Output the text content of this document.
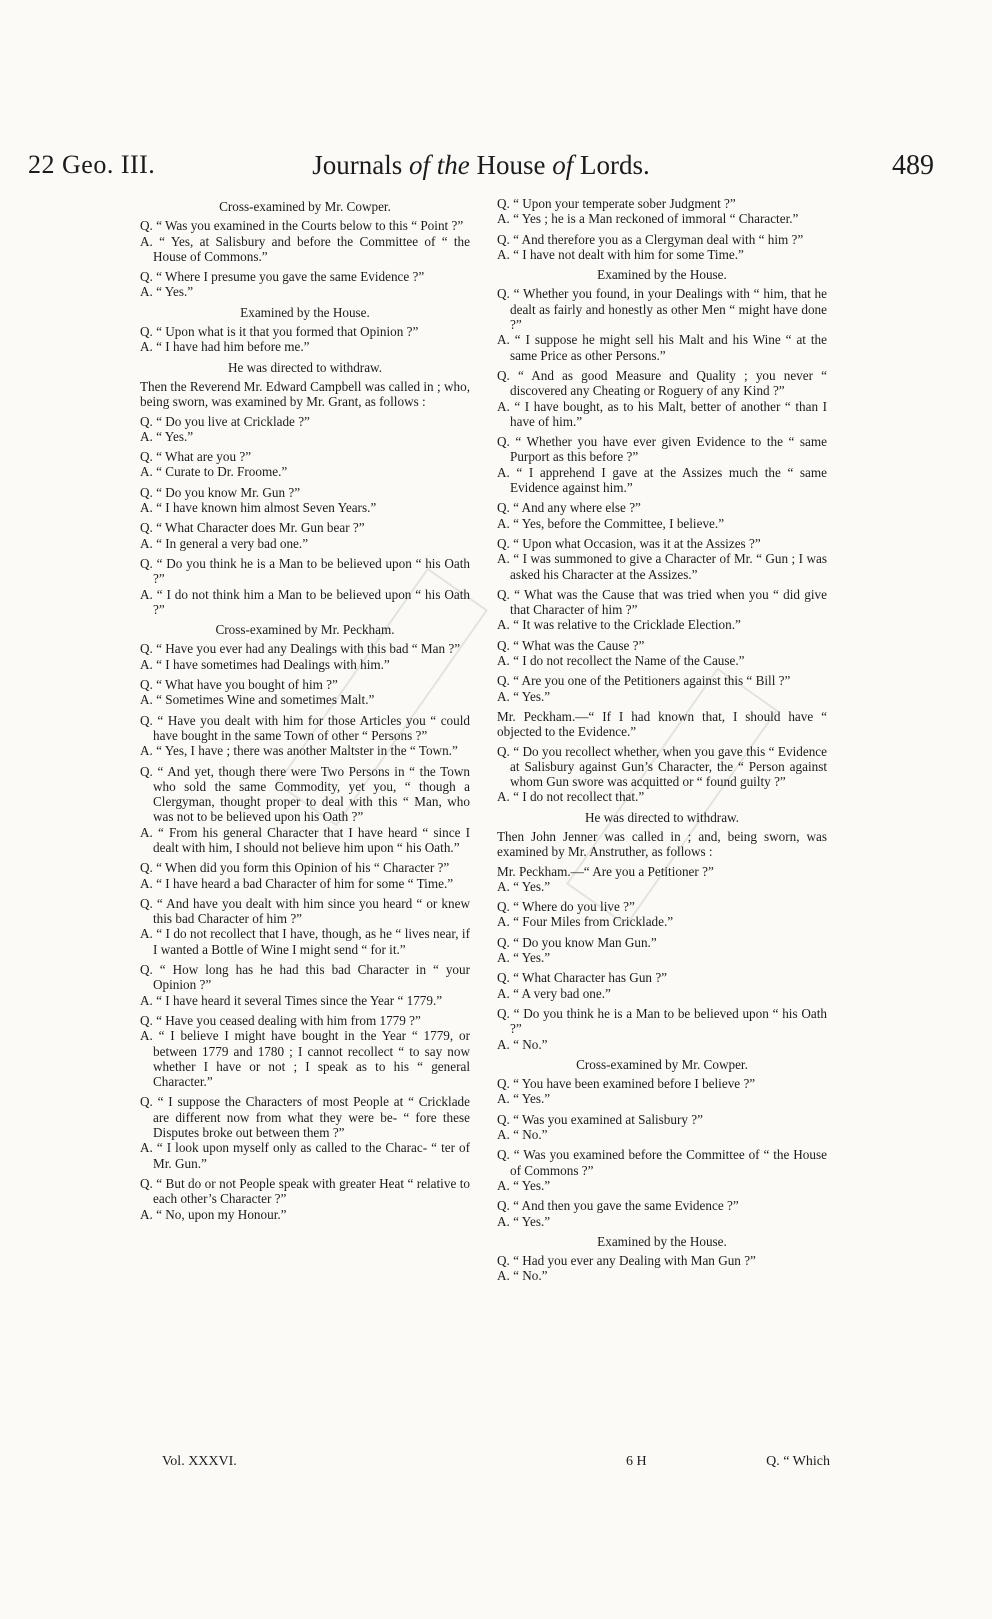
22 Geo. III.	Journals of the House of Lords.	489

Cross-examined by Mr. Cowper.
Q. “ Was you examined in the Courts below to this “ Point ?”
A. “ Yes, at Salisbury and before the Committee of “ the House of Commons.”
Q. “ Where I presume you gave the same Evidence ?”
A. “ Yes.”
Examined by the House.
Q. “ Upon what is it that you formed that Opinion ?”
A. “ I have had him before me.”
He was directed to withdraw.
Then the Reverend Mr. Edward Campbell was called in ; who, being sworn, was examined by Mr. Grant, as follows :
Q. “ Do you live at Cricklade ?”
A. “ Yes.”
Q. “ What are you ?”
A. “ Curate to Dr. Froome.”
Q. “ Do you know Mr. Gun ?”
A. “ I have known him almost Seven Years.”
Q. “ What Character does Mr. Gun bear ?”
A. “ In general a very bad one.”
Q. “ Do you think he is a Man to be believed upon “ his Oath ?”
A. “ I do not think him a Man to be believed upon “ his Oath ?”
Cross-examined by Mr. Peckham.
Q. “ Have you ever had any Dealings with this bad “ Man ?”
A. “ I have sometimes had Dealings with him.”
Q. “ What have you bought of him ?”
A. “ Sometimes Wine and sometimes Malt.”
Q. “ Have you dealt with him for those Articles you “ could have bought in the same Town of other “ Persons ?”
A. “ Yes, I have ; there was another Maltster in the “ Town.”
Q. “ And yet, though there were Two Persons in “ the Town who sold the same Commodity, yet you, “ though a Clergyman, thought proper to deal with this “ Man, who was not to be believed upon his Oath ?”
A. “ From his general Character that I have heard “ since I dealt with him, I should not believe him upon “ his Oath.”
Q. “ When did you form this Opinion of his “ Character ?”
A. “ I have heard a bad Character of him for some “ Time.”
Q. “ And have you dealt with him since you heard “ or knew this bad Character of him ?”
A. “ I do not recollect that I have, though, as he “ lives near, if I wanted a Bottle of Wine I might send “ for it.”
Q. “ How long has he had this bad Character in “ your Opinion ?”
A. “ I have heard it several Times since the Year “ 1779.”
Q. “ Have you ceased dealing with him from 1779 ?”
A. “ I believe I might have bought in the Year “ 1779, or between 1779 and 1780 ; I cannot recollect “ to say now whether I have or not ; I speak as to his “ general Character.”
Q. “ I suppose the Characters of most People at “ Cricklade are different now from what they were be- “ fore these Disputes broke out between them ?”
A. “ I look upon myself only as called to the Charac- “ ter of Mr. Gun.”
Q. “ But do or not People speak with greater Heat “ relative to each other’s Character ?”
A. “ No, upon my Honour.”
Q. “ Upon your temperate sober Judgment ?”
A. “ Yes ; he is a Man reckoned of immoral “ Character.”
Q. “ And therefore you as a Clergyman deal with “ him ?”
A. “ I have not dealt with him for some Time.”
Examined by the House.
Q. “ Whether you found, in your Dealings with “ him, that he dealt as fairly and honestly as other Men “ might have done ?”
A. “ I suppose he might sell his Malt and his Wine “ at the same Price as other Persons.”
Q. “ And as good Measure and Quality ; you never “ discovered any Cheating or Roguery of any Kind ?”
A. “ I have bought, as to his Malt, better of another “ than I have of him.”
Q. “ Whether you have ever given Evidence to the “ same Purport as this before ?”
A. “ I apprehend I gave at the Assizes much the “ same Evidence against him.”
Q. “ And any where else ?”
A. “ Yes, before the Committee, I believe.”
Q. “ Upon what Occasion, was it at the Assizes ?”
A. “ I was summoned to give a Character of Mr. “ Gun ; I was asked his Character at the Assizes.”
Q. “ What was the Cause that was tried when you “ did give that Character of him ?”
A. “ It was relative to the Cricklade Election.”
Q. “ What was the Cause ?”
A. “ I do not recollect the Name of the Cause.”
Q. “ Are you one of the Petitioners against this “ Bill ?”
A. “ Yes.”
Mr. Peckham.—“ If I had known that, I should have “ objected to the Evidence.”
Q. “ Do you recollect whether, when you gave this “ Evidence at Salisbury against Gun’s Character, the “ Person against whom Gun swore was acquitted or “ found guilty ?”
A. “ I do not recollect that.”
He was directed to withdraw.
Then John Jenner was called in ; and, being sworn, was examined by Mr. Anstruther, as follows :
Mr. Peckham.—“ Are you a Petitioner ?”
A. “ Yes.”
Q. “ Where do you live ?”
A. “ Four Miles from Cricklade.”
Q. “ Do you know Man Gun.”
A. “ Yes.”
Q. “ What Character has Gun ?”
A. “ A very bad one.”
Q. “ Do you think he is a Man to be believed upon “ his Oath ?”
A. “ No.”
Cross-examined by Mr. Cowper.
Q. “ You have been examined before I believe ?”
A. “ Yes.”
Q. “ Was you examined at Salisbury ?”
A. “ No.”
Q. “ Was you examined before the Committee of “ the House of Commons ?”
A. “ Yes.”
Q. “ And then you gave the same Evidence ?”
A. “ Yes.”
Examined by the House.
Q. “ Had you ever any Dealing with Man Gun ?”
A. “ No.”
Vol. XXXVI.	6 H	Q. “ Which
